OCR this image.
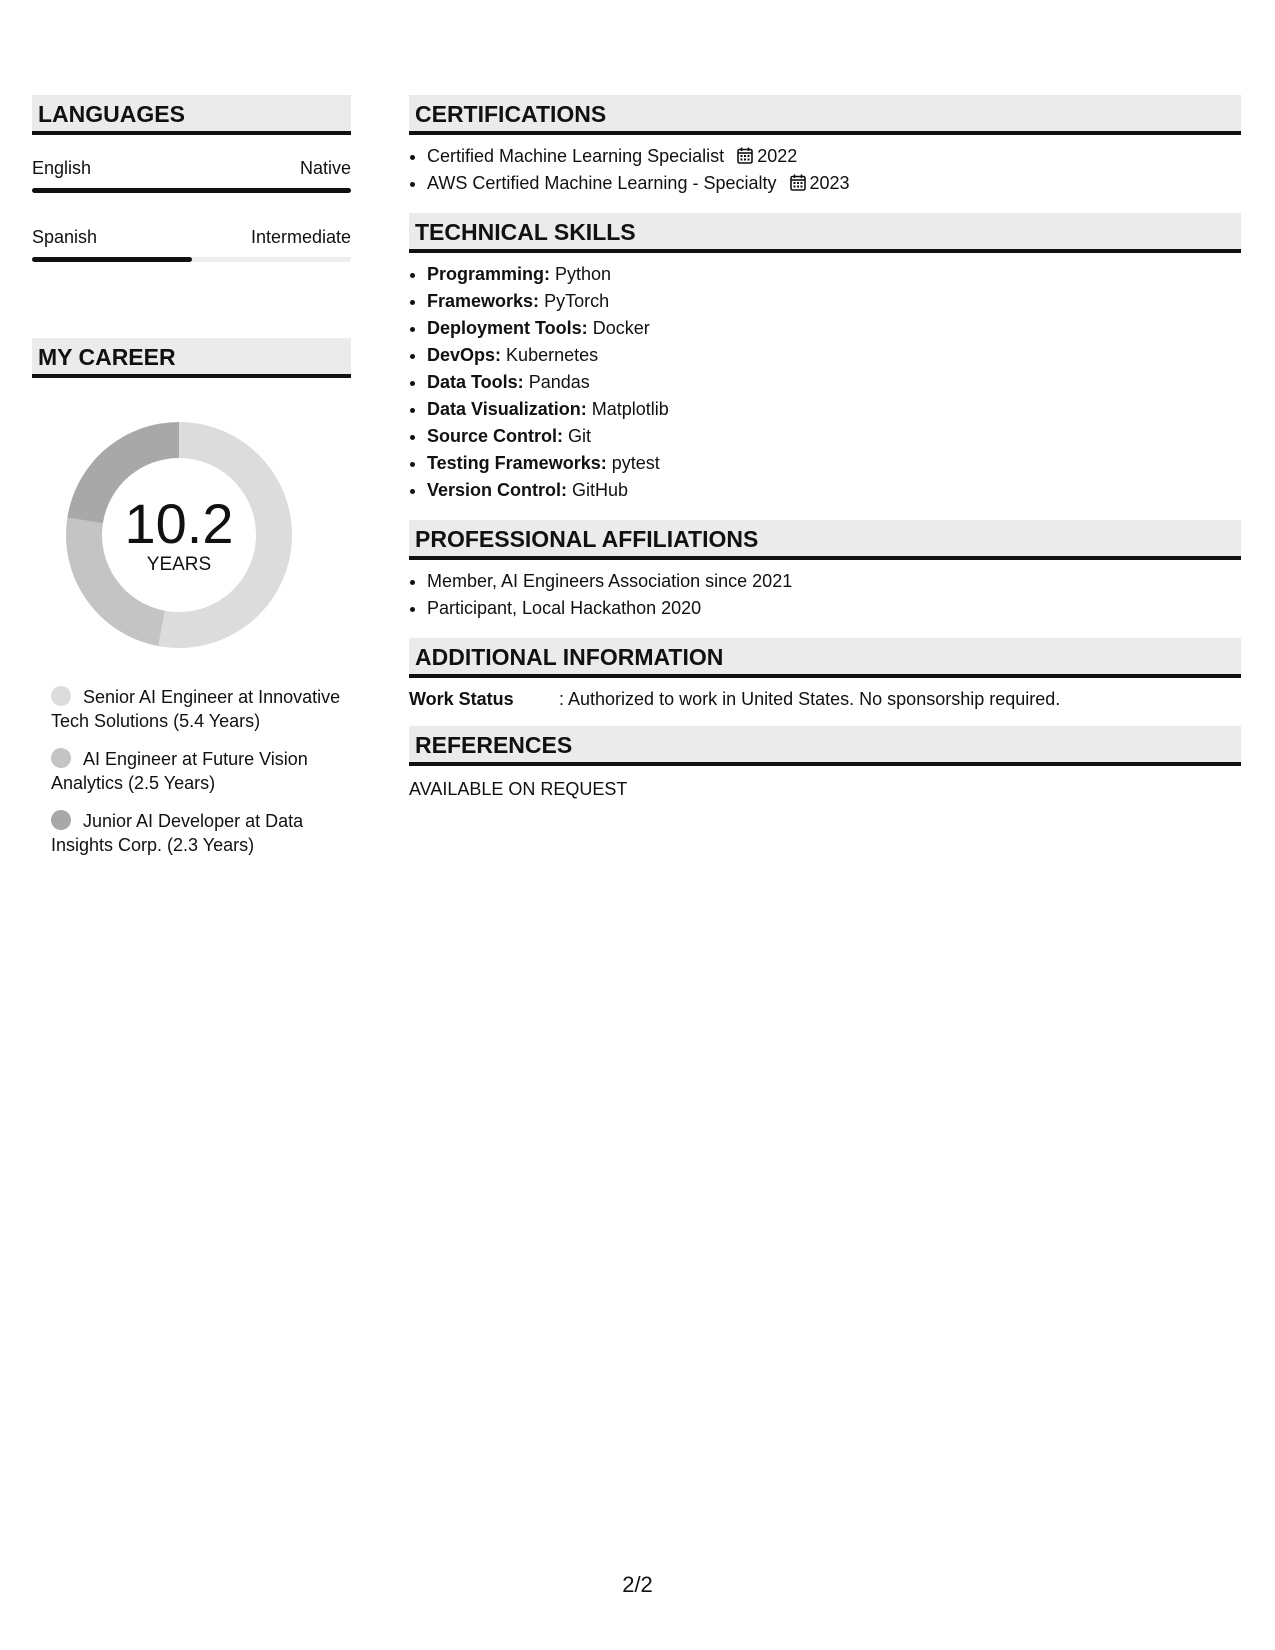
LANGUAGES
English	Native
Spanish	Intermediate
MY CAREER
10.2
YEARS
Senior AI Engineer at Innovative Tech Solutions (5.4 Years)
AI Engineer at Future Vision Analytics (2.5 Years)
Junior AI Developer at Data Insights Corp. (2.3 Years)
CERTIFICATIONS
• Certified Machine Learning Specialist 2022
• AWS Certified Machine Learning - Specialty 2023
TECHNICAL SKILLS
• Programming: Python
• Frameworks: PyTorch
• Deployment Tools: Docker
• DevOps: Kubernetes
• Data Tools: Pandas
• Data Visualization: Matplotlib
• Source Control: Git
• Testing Frameworks: pytest
• Version Control: GitHub
PROFESSIONAL AFFILIATIONS
• Member, AI Engineers Association since 2021
• Participant, Local Hackathon 2020
ADDITIONAL INFORMATION
Work Status	: Authorized to work in United States. No sponsorship required.
REFERENCES
AVAILABLE ON REQUEST
2/2
